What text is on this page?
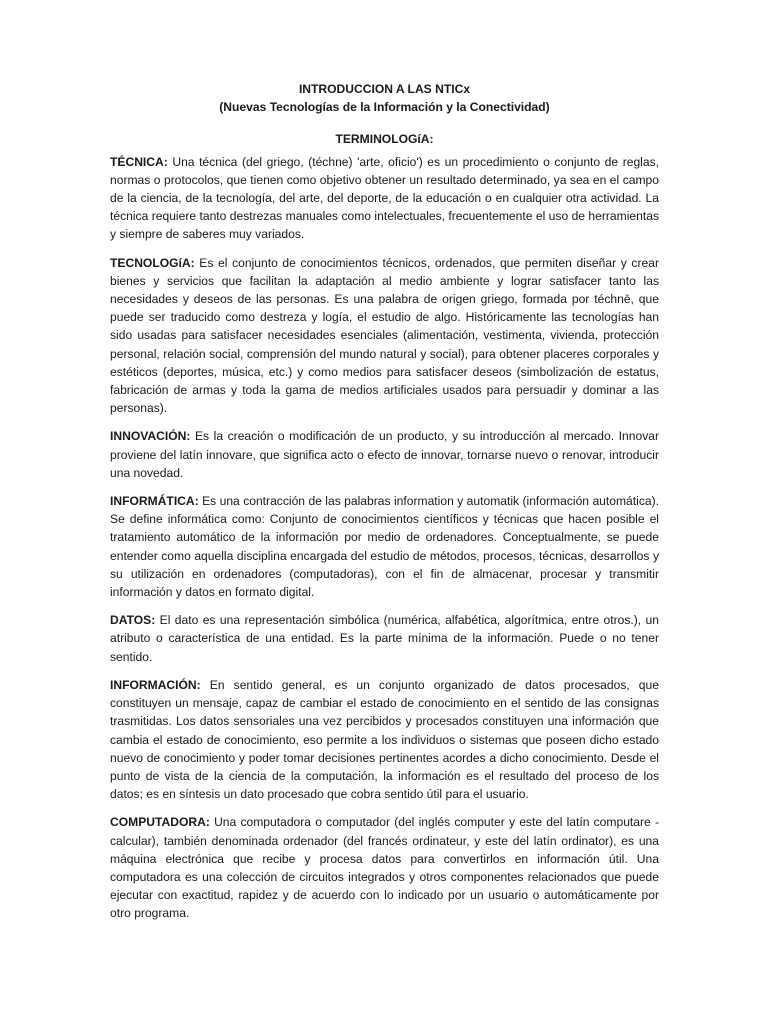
INTRODUCCION A LAS NTICx
(Nuevas Tecnologías de la Información y la Conectividad)
TERMINOLOGíA:

TÉCNICA: Una técnica (del griego, (téchne) 'arte, oficio') es un procedimiento o conjunto de reglas, normas o protocolos, que tienen como objetivo obtener un resultado determinado, ya sea en el campo de la ciencia, de la tecnología, del arte, del deporte, de la educación o en cualquier otra actividad. La técnica requiere tanto destrezas manuales como intelectuales, frecuentemente el uso de herramientas y siempre de saberes muy variados.

TECNOLOGíA: Es el conjunto de conocimientos técnicos, ordenados, que permiten diseñar y crear bienes y servicios que facilitan la adaptación al medio ambiente y lograr satisfacer tanto las necesidades y deseos de las personas. Es una palabra de origen griego, formada por téchnē, que puede ser traducido como destreza y logía, el estudio de algo. Históricamente las tecnologías han sido usadas para satisfacer necesidades esenciales (alimentación, vestimenta, vivienda, protección personal, relación social, comprensión del mundo natural y social), para obtener placeres corporales y estéticos (deportes, música, etc.) y como medios para satisfacer deseos (simbolización de estatus, fabricación de armas y toda la gama de medios artificiales usados para persuadir y dominar a las personas).

INNOVACIÓN: Es la creación o modificación de un producto, y su introducción al mercado. Innovar proviene del latín innovare, que significa acto o efecto de innovar, tornarse nuevo o renovar, introducir una novedad.

INFORMÁTICA: Es una contracción de las palabras information y automatik (información automática). Se define informática como: Conjunto de conocimientos científicos y técnicas que hacen posible el tratamiento automático de la información por medio de ordenadores. Conceptualmente, se puede entender como aquella disciplina encargada del estudio de métodos, procesos, técnicas, desarrollos y su utilización en ordenadores (computadoras), con el fin de almacenar, procesar y transmitir información y datos en formato digital.

DATOS: El dato es una representación simbólica (numérica, alfabética, algorítmica, entre otros.), un atributo o característica de una entidad. Es la parte mínima de la información. Puede o no tener sentido.

INFORMACIÓN: En sentido general, es un conjunto organizado de datos procesados, que constituyen un mensaje, capaz de cambiar el estado de conocimiento en el sentido de las consignas trasmitidas. Los datos sensoriales una vez percibidos y procesados constituyen una información que cambia el estado de conocimiento, eso permite a los individuos o sistemas que poseen dicho estado nuevo de conocimiento y poder tomar decisiones pertinentes acordes a dicho conocimiento. Desde el punto de vista de la ciencia de la computación, la información es el resultado del proceso de los datos; es en síntesis un dato procesado que cobra sentido útil para el usuario.

COMPUTADORA: Una computadora o computador (del inglés computer y este del latín computare - calcular), también denominada ordenador (del francés ordinateur, y este del latín ordinator), es una máquina electrónica que recibe y procesa datos para convertirlos en información útil. Una computadora es una colección de circuitos integrados y otros componentes relacionados que puede ejecutar con exactitud, rapidez y de acuerdo con lo indicado por un usuario o automáticamente por otro programa.
